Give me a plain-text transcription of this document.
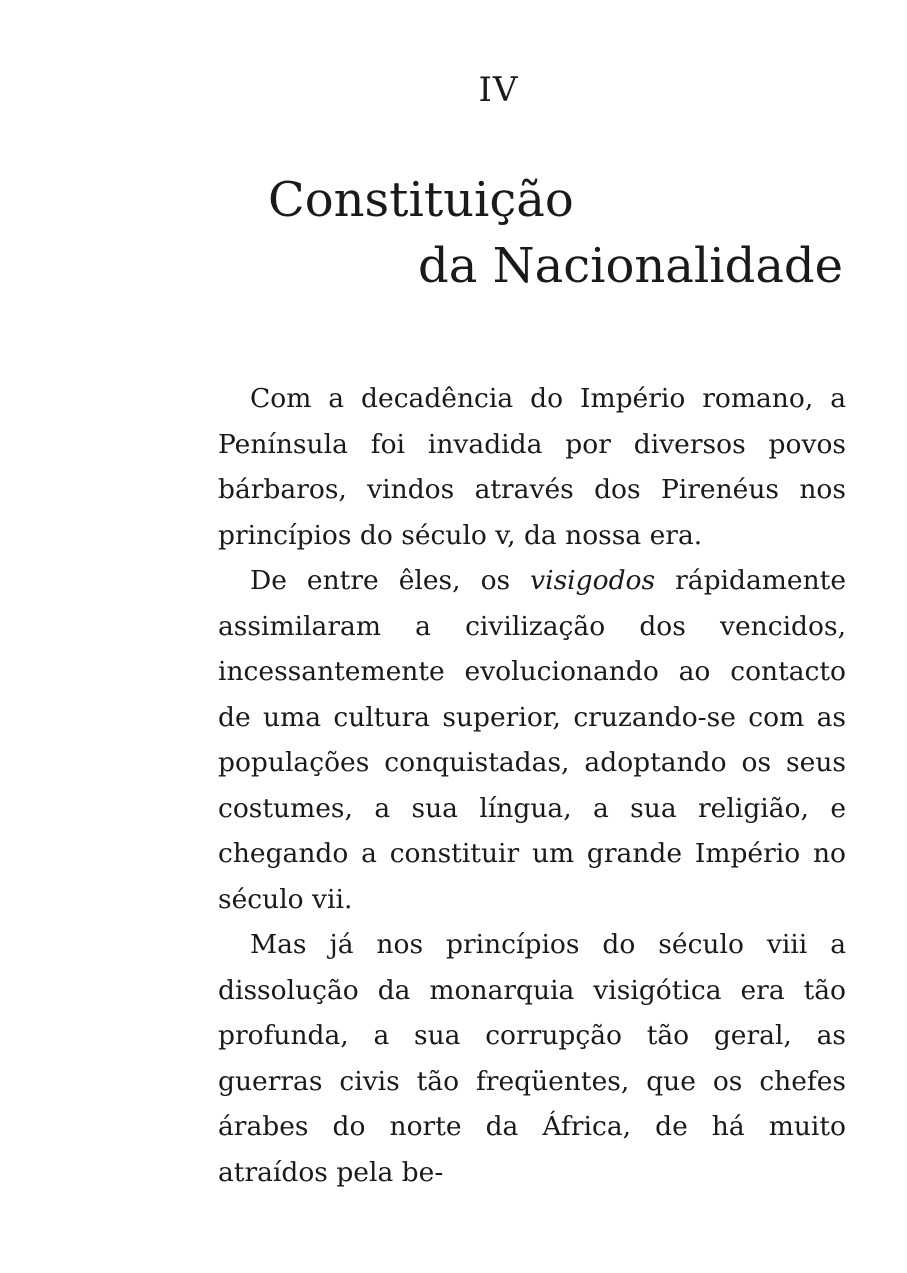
IV
Constituição
da Nacionalidade

Com a decadência do Império romano, a Península foi invadida por diversos povos bárbaros, vindos através dos Pirenéus nos princípios do século v, da nossa era.

De entre êles, os visigodos rápidamente assimilaram a civilização dos vencidos, incessantemente evolucionando ao contacto de uma cultura superior, cruzando-se com as populações conquistadas, adoptando os seus costumes, a sua língua, a sua religião, e chegando a constituir um grande Império no século vii.

Mas já nos princípios do século viii a dissolução da monarquia visigótica era tão profunda, a sua corrupção tão geral, as guerras civis tão freqüentes, que os chefes árabes do norte da África, de há muito atraídos pela be-
